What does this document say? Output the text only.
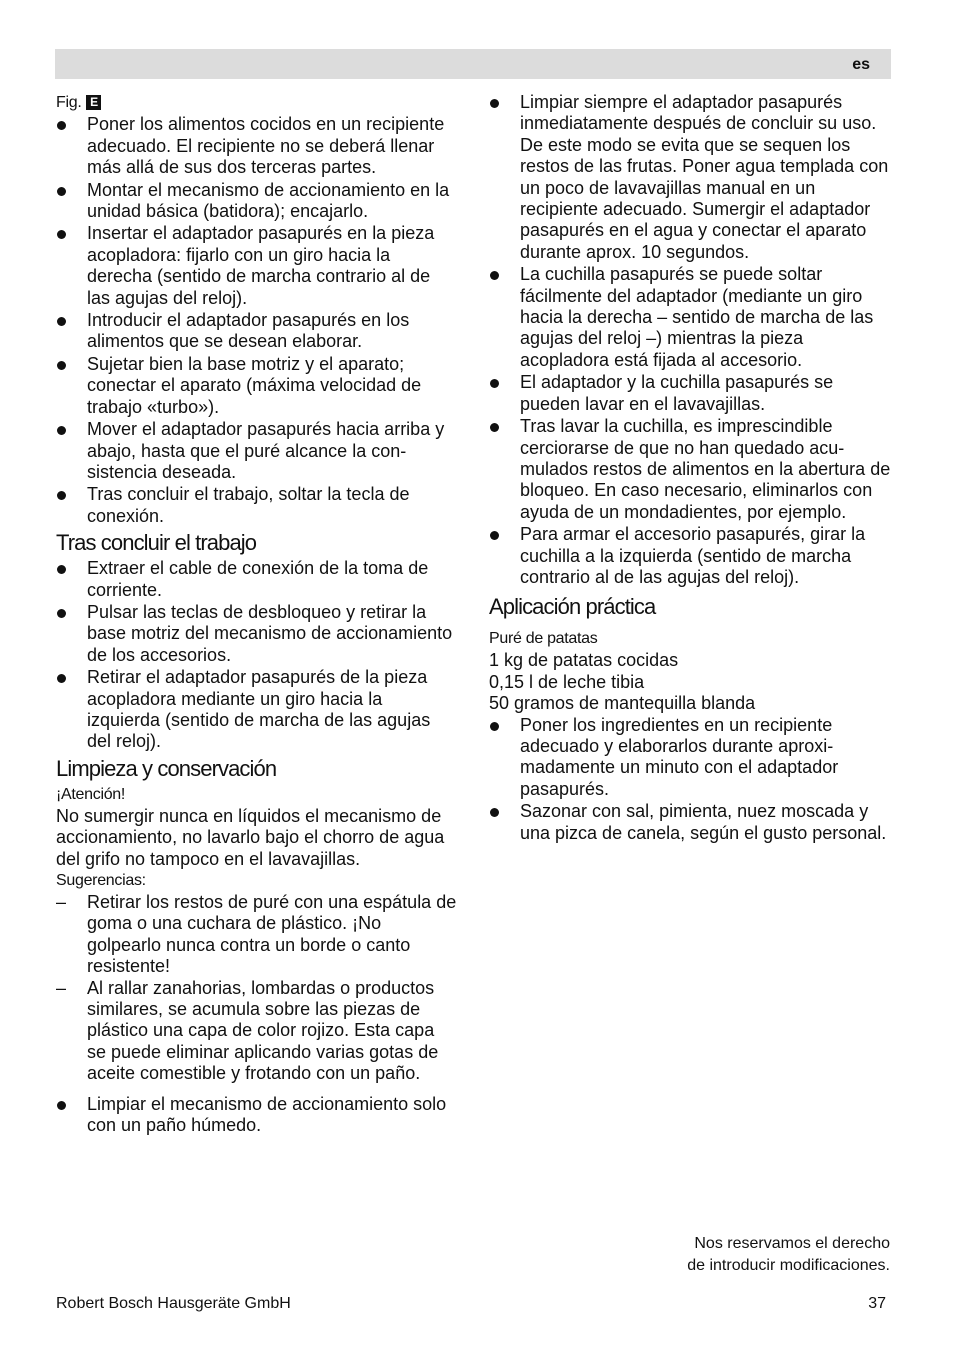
es
Fig. E
Poner los alimentos cocidos en un recipiente adecuado. El recipiente no se deberá llenar más allá de sus dos terceras partes.
Montar el mecanismo de accionamiento en la unidad básica (batidora); encajarlo.
Insertar el adaptador pasapurés en la pieza acopladora: fijarlo con un giro hacia la derecha (sentido de marcha contrario al de las agujas del reloj).
Introducir el adaptador pasapurés en los alimentos que se desean elaborar.
Sujetar bien la base motriz y el aparato; conectar el aparato (máxima velocidad de trabajo «turbo»).
Mover el adaptador pasapurés hacia arriba y abajo, hasta que el puré alcance la consistencia deseada.
Tras concluir el trabajo, soltar la tecla de conexión.
Tras concluir el trabajo
Extraer el cable de conexión de la toma de corriente.
Pulsar las teclas de desbloqueo y retirar la base motriz del mecanismo de accionamiento de los accesorios.
Retirar el adaptador pasapurés de la pieza acopladora mediante un giro hacia la izquierda (sentido de marcha de las agujas del reloj).
Limpieza y conservación
¡Atención!

No sumergir nunca en líquidos el mecanismo de accionamiento, no lavarlo bajo el chorro de agua del grifo no tampoco en el lavavajillas.

Sugerencias:
– Retirar los restos de puré con una espátula de goma o una cuchara de plástico. ¡No golpearlo nunca contra un borde o canto resistente!
– Al rallar zanahorias, lombardas o productos similares, se acumula sobre las piezas de plástico una capa de color rojizo. Esta capa se puede eliminar aplicando varias gotas de aceite comestible y frotando con un paño.
Limpiar el mecanismo de accionamiento solo con un paño húmedo.
Limpiar siempre el adaptador pasapurés inmediatamente después de concluir su uso. De este modo se evita que se sequen los restos de las frutas. Poner agua templada con un poco de lavavajillas manual en un recipiente adecuado. Sumergir el adaptador pasapurés en el agua y conectar el aparato durante aprox. 10 segundos.
La cuchilla pasapurés se puede soltar fácilmente del adaptador (mediante un giro hacia la derecha – sentido de marcha de las agujas del reloj –) mientras la pieza acopladora está fijada al accesorio.
El adaptador y la cuchilla pasapurés se pueden lavar en el lavavajillas.
Tras lavar la cuchilla, es imprescindible cerciorarse de que no han quedado acumulados restos de alimentos en la abertura de bloqueo. En caso necesario, eliminarlos con ayuda de un mondadientes, por ejemplo.
Para armar el accesorio pasapurés, girar la cuchilla a la izquierda (sentido de marcha contrario al de las agujas del reloj).
Aplicación práctica
Puré de patatas

1 kg de patatas cocidas

0,15 l de leche tibia

50 gramos de mantequilla blanda

Poner los ingredientes en un recipiente adecuado y elaborarlos durante aproximadamente un minuto con el adaptador pasapurés.
Sazonar con sal, pimienta, nuez moscada y una pizca de canela, según el gusto personal.
Nos reservamos el derecho
de introducir modificaciones.
Robert Bosch Hausgeräte GmbH	37
